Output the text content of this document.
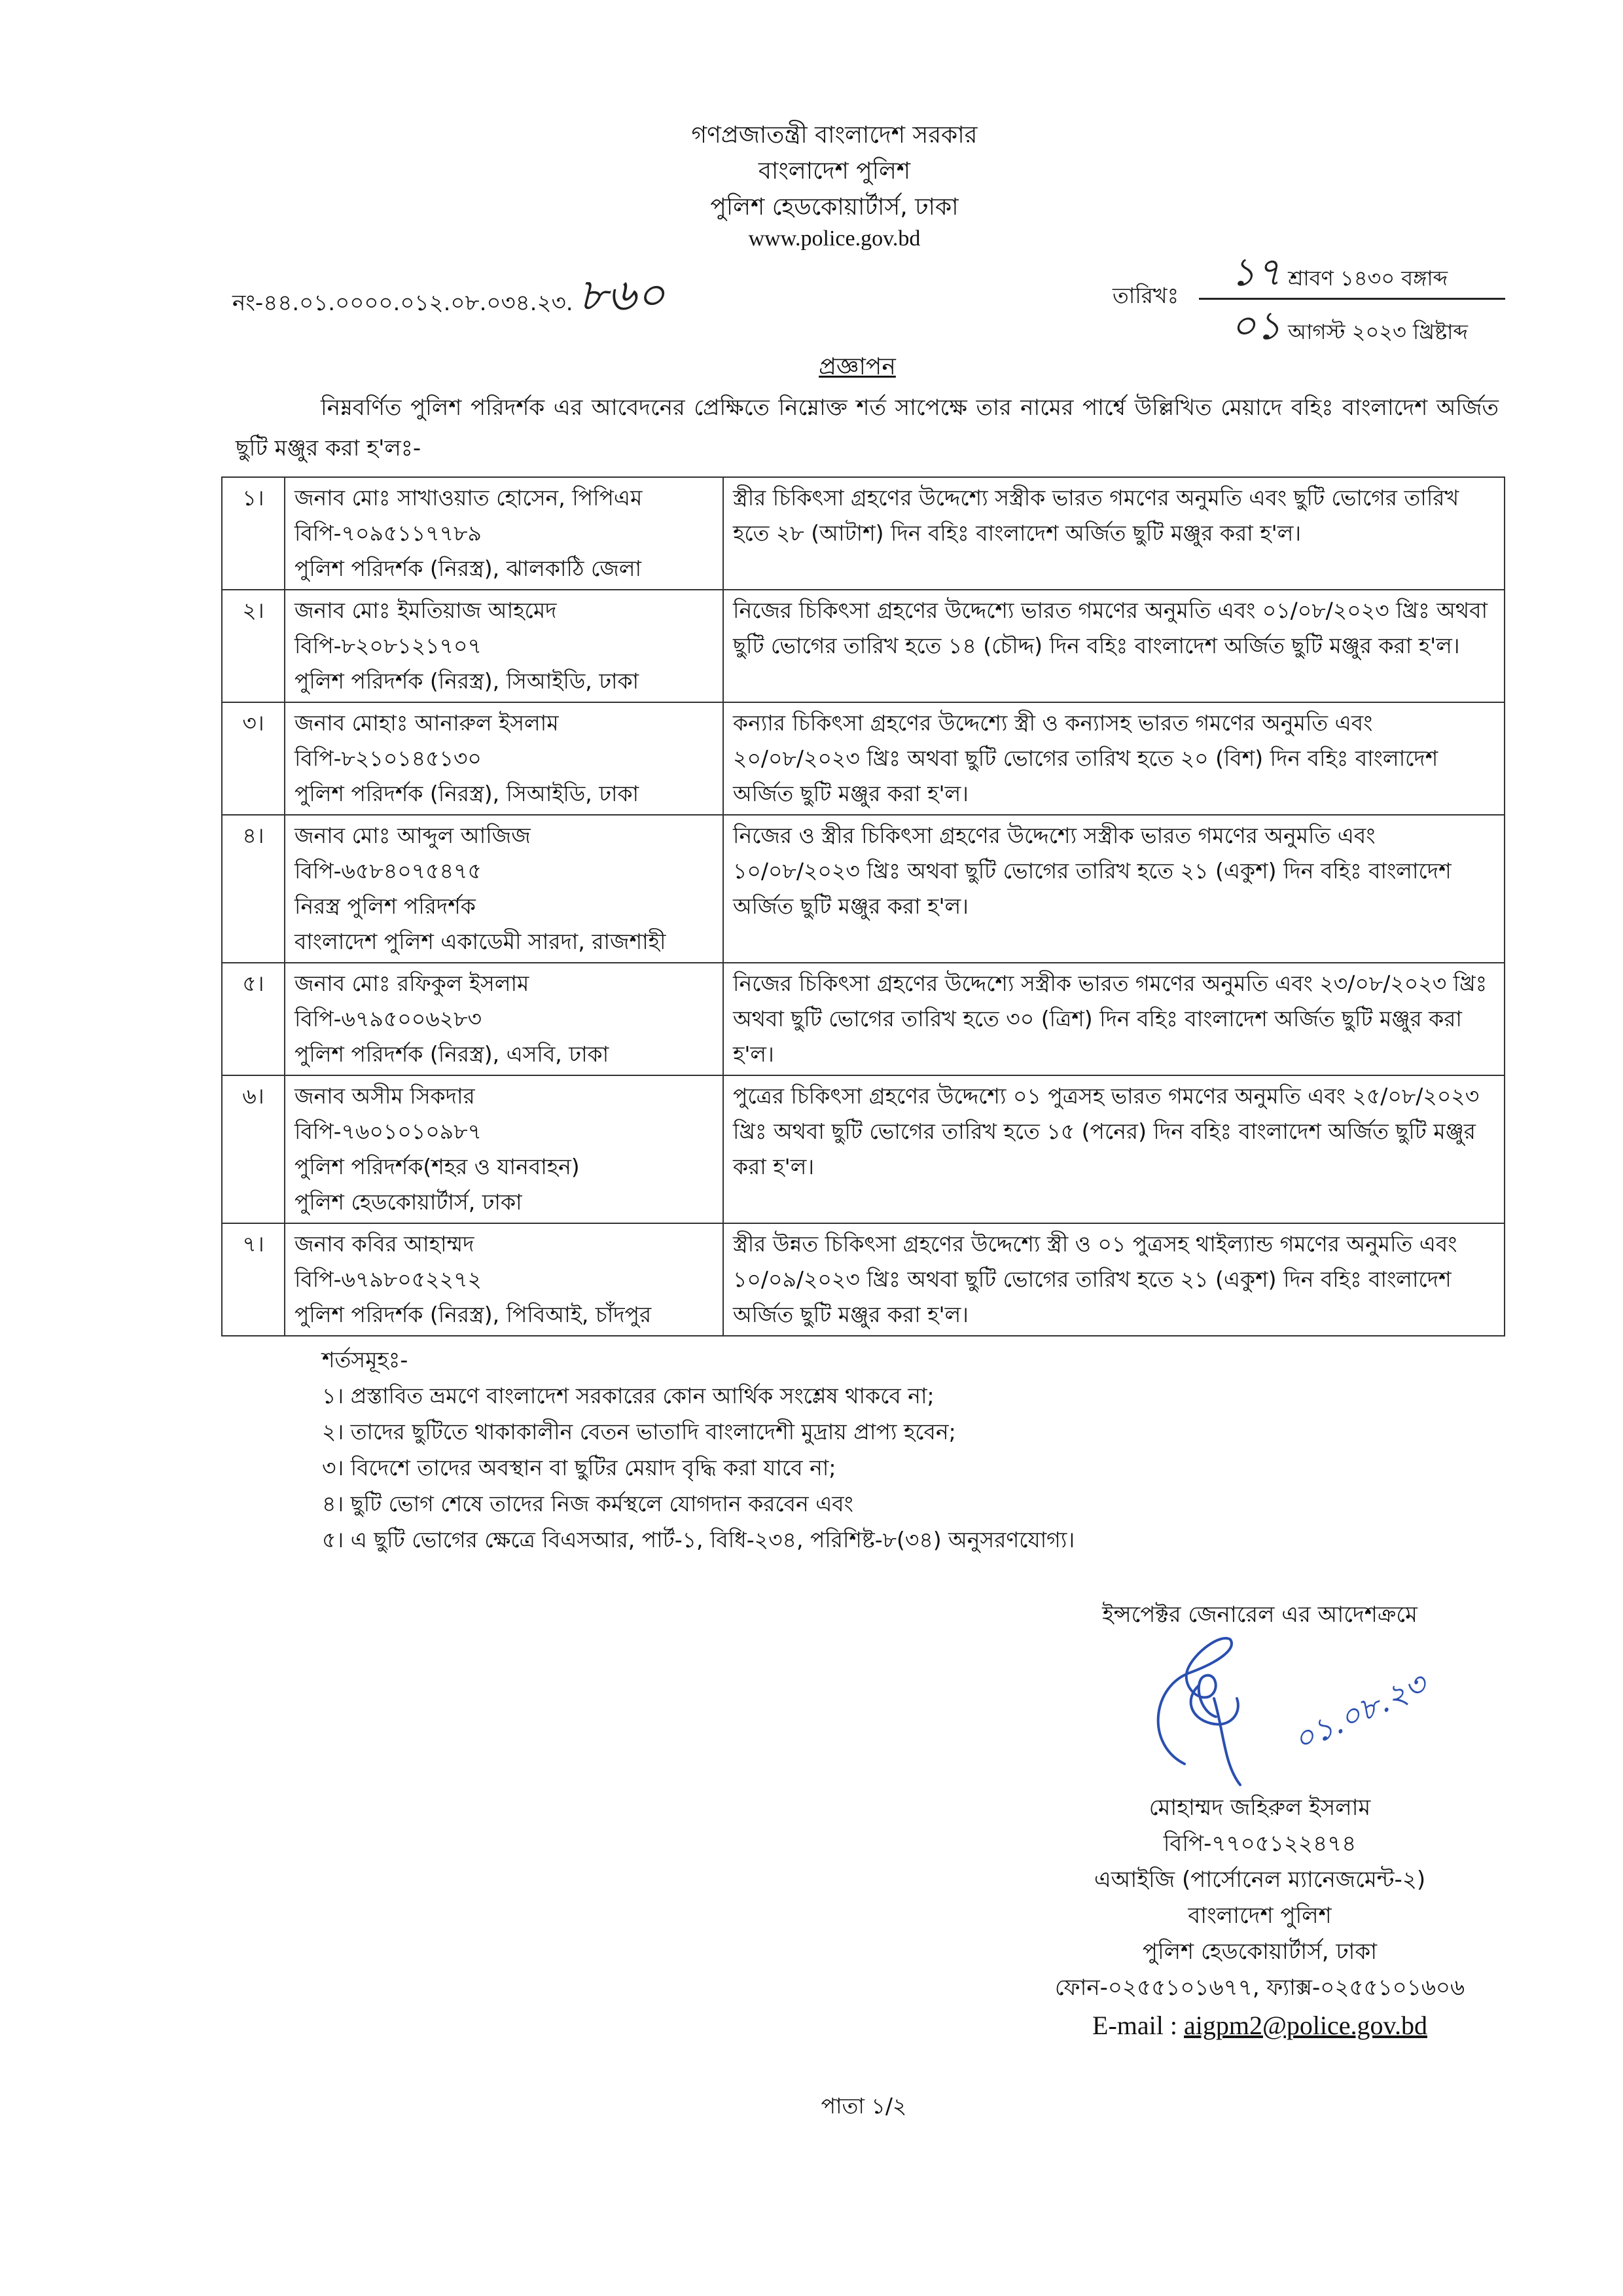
গণপ্রজাতন্ত্রী বাংলাদেশ সরকার
বাংলাদেশ পুলিশ
পুলিশ হেডকোয়ার্টার্স, ঢাকা
www.police.gov.bd
নং-৪৪.০১.০০০০.০১২.০৮.০৩৪.২৩. ৮৬০	তারিখঃ
১৭ শ্রাবণ ১৪৩০ বঙ্গাব্দ
০১ আগস্ট ২০২৩ খ্রিষ্টাব্দ
প্রজ্ঞাপন
নিম্নবর্ণিত পুলিশ পরিদর্শক এর আবেদনের প্রেক্ষিতে নিম্নোক্ত শর্ত সাপেক্ষে তার নামের পার্শ্বে উল্লিখিত মেয়াদে বহিঃ বাংলাদেশ অর্জিত ছুটি মঞ্জুর করা হ'লঃ-
১।	জনাব মোঃ সাখাওয়াত হোসেন, পিপিএম
বিপি-৭০৯৫১১৭৭৮৯
পুলিশ পরিদর্শক (নিরস্ত্র), ঝালকাঠি জেলা	স্ত্রীর চিকিৎসা গ্রহণের উদ্দেশ্যে সস্ত্রীক ভারত গমণের অনুমতি এবং ছুটি ভোগের তারিখ হতে ২৮ (আটাশ) দিন বহিঃ বাংলাদেশ অর্জিত ছুটি মঞ্জুর করা হ'ল।
২।	জনাব মোঃ ইমতিয়াজ আহমেদ
বিপি-৮২০৮১২১৭০৭
পুলিশ পরিদর্শক (নিরস্ত্র), সিআইডি, ঢাকা	নিজের চিকিৎসা গ্রহণের উদ্দেশ্যে ভারত গমণের অনুমতি এবং ০১/০৮/২০২৩ খ্রিঃ অথবা ছুটি ভোগের তারিখ হতে ১৪ (চৌদ্দ) দিন বহিঃ বাংলাদেশ অর্জিত ছুটি মঞ্জুর করা হ'ল।
৩।	জনাব মোহাঃ আনারুল ইসলাম
বিপি-৮২১০১৪৫১৩০
পুলিশ পরিদর্শক (নিরস্ত্র), সিআইডি, ঢাকা	কন্যার চিকিৎসা গ্রহণের উদ্দেশ্যে স্ত্রী ও কন্যাসহ ভারত গমণের অনুমতি এবং ২০/০৮/২০২৩ খ্রিঃ অথবা ছুটি ভোগের তারিখ হতে ২০ (বিশ) দিন বহিঃ বাংলাদেশ অর্জিত ছুটি মঞ্জুর করা হ'ল।
৪।	জনাব মোঃ আব্দুল আজিজ
বিপি-৬৫৮৪০৭৫৪৭৫
নিরস্ত্র পুলিশ পরিদর্শক
বাংলাদেশ পুলিশ একাডেমী সারদা, রাজশাহী	নিজের ও স্ত্রীর চিকিৎসা গ্রহণের উদ্দেশ্যে সস্ত্রীক ভারত গমণের অনুমতি এবং ১০/০৮/২০২৩ খ্রিঃ অথবা ছুটি ভোগের তারিখ হতে ২১ (একুশ) দিন বহিঃ বাংলাদেশ অর্জিত ছুটি মঞ্জুর করা হ'ল।
৫।	জনাব মোঃ রফিকুল ইসলাম
বিপি-৬৭৯৫০০৬২৮৩
পুলিশ পরিদর্শক (নিরস্ত্র), এসবি, ঢাকা	নিজের চিকিৎসা গ্রহণের উদ্দেশ্যে সস্ত্রীক ভারত গমণের অনুমতি এবং ২৩/০৮/২০২৩ খ্রিঃ অথবা ছুটি ভোগের তারিখ হতে ৩০ (ত্রিশ) দিন বহিঃ বাংলাদেশ অর্জিত ছুটি মঞ্জুর করা হ'ল।
৬।	জনাব অসীম সিকদার
বিপি-৭৬০১০১০৯৮৭
পুলিশ পরিদর্শক(শহর ও যানবাহন)
পুলিশ হেডকোয়ার্টার্স, ঢাকা	পুত্রের চিকিৎসা গ্রহণের উদ্দেশ্যে ০১ পুত্রসহ ভারত গমণের অনুমতি এবং ২৫/০৮/২০২৩ খ্রিঃ অথবা ছুটি ভোগের তারিখ হতে ১৫ (পনের) দিন বহিঃ বাংলাদেশ অর্জিত ছুটি মঞ্জুর করা হ'ল।
৭।	জনাব কবির আহাম্মদ
বিপি-৬৭৯৮০৫২২৭২
পুলিশ পরিদর্শক (নিরস্ত্র), পিবিআই, চাঁদপুর	স্ত্রীর উন্নত চিকিৎসা গ্রহণের উদ্দেশ্যে স্ত্রী ও ০১ পুত্রসহ থাইল্যান্ড গমণের অনুমতি এবং ১০/০৯/২০২৩ খ্রিঃ অথবা ছুটি ভোগের তারিখ হতে ২১ (একুশ) দিন বহিঃ বাংলাদেশ অর্জিত ছুটি মঞ্জুর করা হ'ল।
শর্তসমূহঃ-
১। প্রস্তাবিত ভ্রমণে বাংলাদেশ সরকারের কোন আর্থিক সংশ্লেষ থাকবে না;
২। তাদের ছুটিতে থাকাকালীন বেতন ভাতাদি বাংলাদেশী মুদ্রায় প্রাপ্য হবেন;
৩। বিদেশে তাদের অবস্থান বা ছুটির মেয়াদ বৃদ্ধি করা যাবে না;
৪। ছুটি ভোগ শেষে তাদের নিজ কর্মস্থলে যোগদান করবেন এবং
৫। এ ছুটি ভোগের ক্ষেত্রে বিএসআর, পার্ট-১, বিধি-২৩৪, পরিশিষ্ট-৮(৩৪) অনুসরণযোগ্য।
ইন্সপেক্টর জেনারেল এর আদেশক্রমে
০১.০৮.২৩
মোহাম্মদ জহিরুল ইসলাম
বিপি-৭৭০৫১২২৪৭৪
এআইজি (পার্সোনেল ম্যানেজমেন্ট-২)
বাংলাদেশ পুলিশ
পুলিশ হেডকোয়ার্টার্স, ঢাকা
ফোন-০২৫৫১০১৬৭৭, ফ্যাক্স-০২৫৫১০১৬০৬
E-mail : aigpm2@police.gov.bd
পাতা ১/২
